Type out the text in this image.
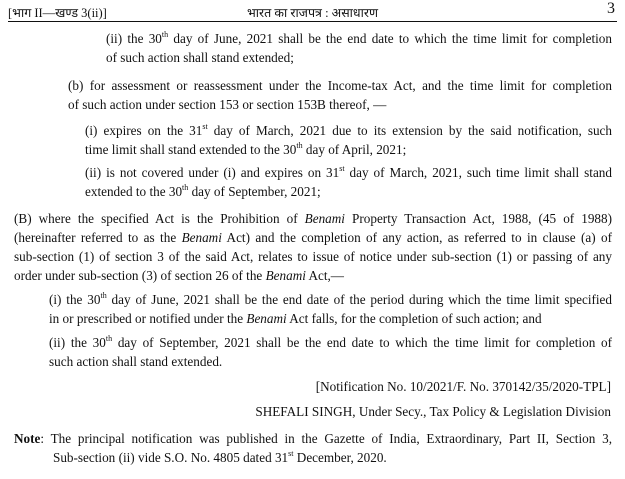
[भाग II—खण्ड 3(ii)]	भारत का राजपत्र : असाधारण	3
(ii) the 30th day of June, 2021 shall be the end date to which the time limit for completion
of such action shall stand extended;
(b) for assessment or reassessment under the Income-tax Act, and the time limit for completion
of such action under section 153 or section 153B thereof, —
(i) expires on the 31st day of March, 2021 due to its extension by the said notification, such
time limit shall stand extended to the 30th day of April, 2021;
(ii) is not covered under (i) and expires on 31st day of March, 2021, such time limit shall stand
extended to the 30th day of September, 2021;
(B) where the specified Act is the Prohibition of Benami Property Transaction Act, 1988, (45 of 1988)
(hereinafter referred to as the Benami Act) and the completion of any action, as referred to in clause (a) of
sub-section (1) of section 3 of the said Act, relates to issue of notice under sub-section (1) or passing of any
order under sub-section (3) of section 26 of the Benami Act,—
(i) the 30th day of June, 2021 shall be the end date of the period during which the time limit specified
in or prescribed or notified under the Benami Act falls, for the completion of such action; and
(ii) the 30th day of September, 2021 shall be the end date to which the time limit for completion of
such action shall stand extended.
[Notification No. 10/2021/F. No. 370142/35/2020-TPL]
SHEFALI SINGH, Under Secy., Tax Policy & Legislation Division
Note: The principal notification was published in the Gazette of India, Extraordinary, Part II, Section 3,
Sub-section (ii) vide S.O. No. 4805 dated 31st December, 2020.
